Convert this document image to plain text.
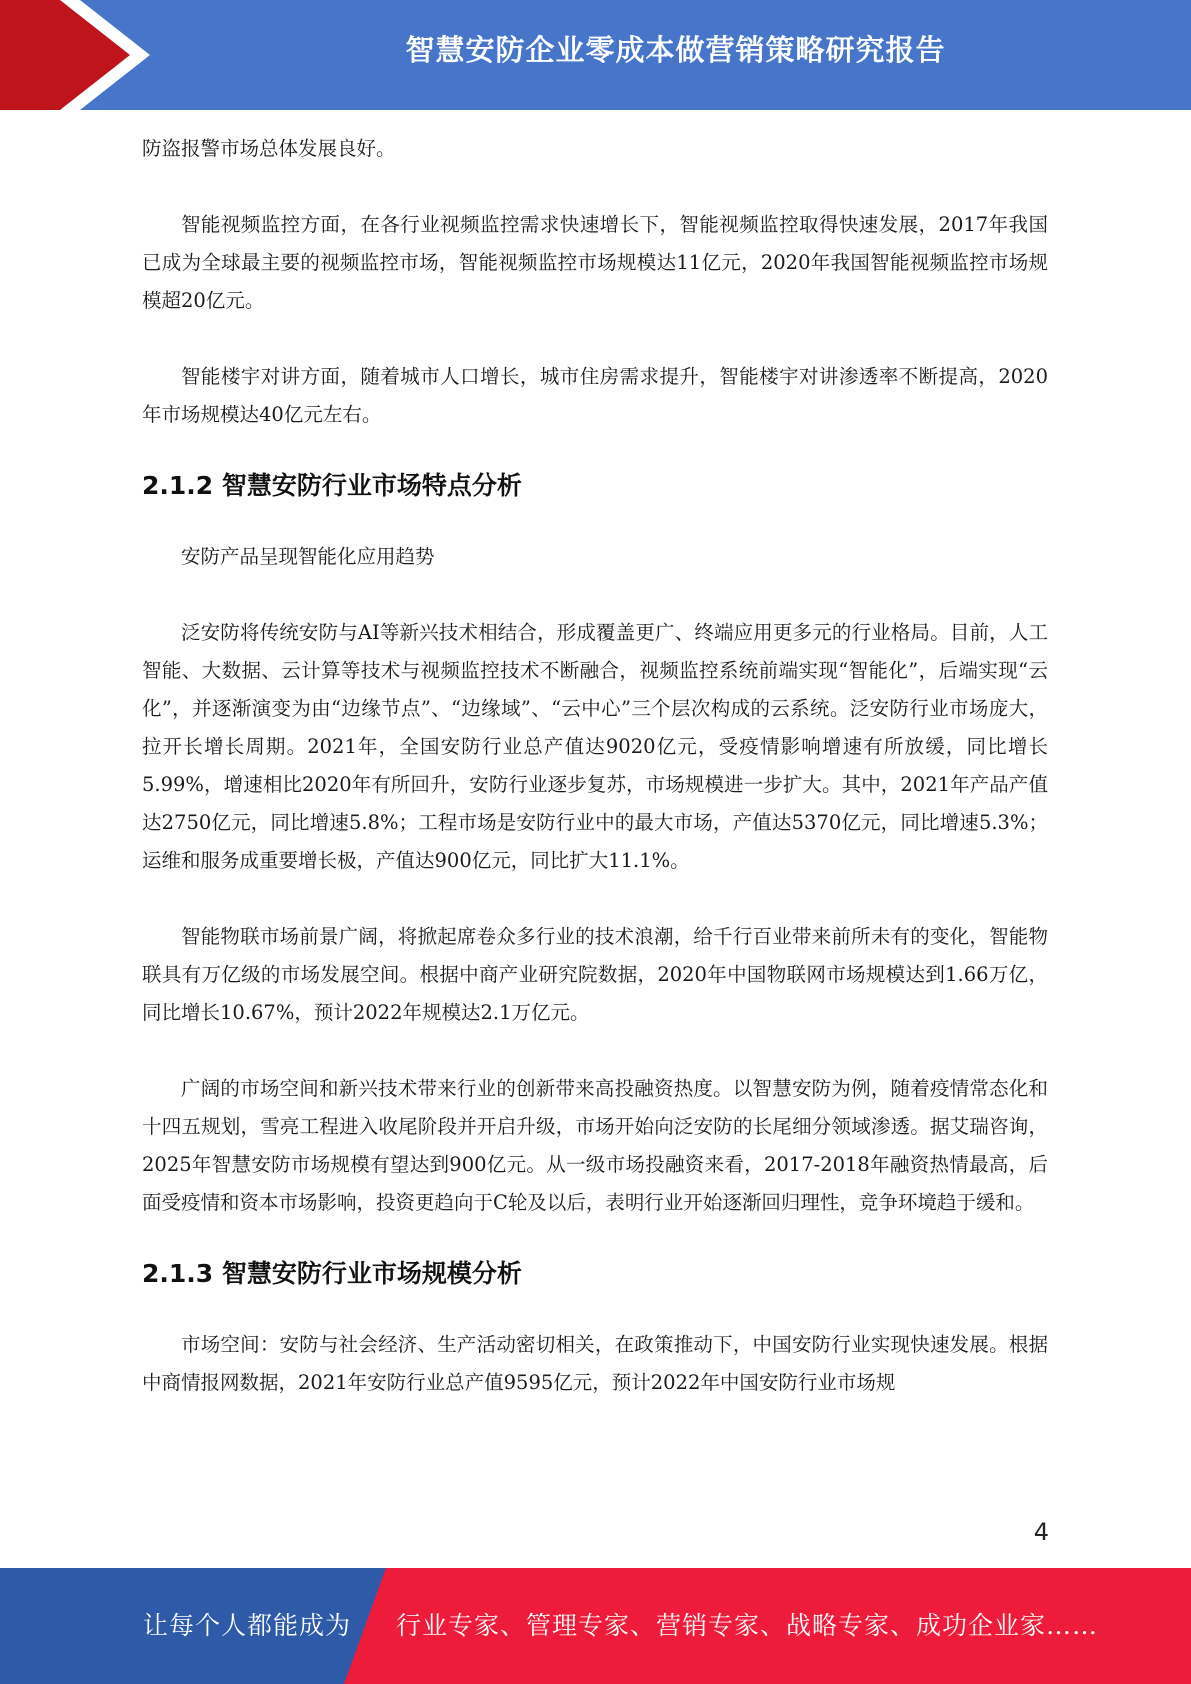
智慧安防企业零成本做营销策略研究报告

防盗报警市场总体发展良好。

智能视频监控方面，在各行业视频监控需求快速增长下，智能视频监控取得快速发展，2017年我国已成为全球最主要的视频监控市场，智能视频监控市场规模达11亿元，2020年我国智能视频监控市场规模超20亿元。

智能楼宇对讲方面，随着城市人口增长，城市住房需求提升，智能楼宇对讲渗透率不断提高，2020年市场规模达40亿元左右。

2.1.2 智慧安防行业市场特点分析

安防产品呈现智能化应用趋势

泛安防将传统安防与AI等新兴技术相结合，形成覆盖更广、终端应用更多元的行业格局。目前，人工智能、大数据、云计算等技术与视频监控技术不断融合，视频监控系统前端实现“智能化”，后端实现“云化”，并逐渐演变为由“边缘节点”、“边缘域”、“云中心”三个层次构成的云系统。泛安防行业市场庞大，拉开长增长周期。2021年，全国安防行业总产值达9020亿元，受疫情影响增速有所放缓，同比增长5.99%，增速相比2020年有所回升，安防行业逐步复苏，市场规模进一步扩大。其中，2021年产品产值达2750亿元，同比增速5.8%；工程市场是安防行业中的最大市场，产值达5370亿元，同比增速5.3%；运维和服务成重要增长极，产值达900亿元，同比扩大11.1%。

智能物联市场前景广阔，将掀起席卷众多行业的技术浪潮，给千行百业带来前所未有的变化，智能物联具有万亿级的市场发展空间。根据中商产业研究院数据，2020年中国物联网市场规模达到1.66万亿，同比增长10.67%，预计2022年规模达2.1万亿元。

广阔的市场空间和新兴技术带来行业的创新带来高投融资热度。以智慧安防为例，随着疫情常态化和十四五规划，雪亮工程进入收尾阶段并开启升级，市场开始向泛安防的长尾细分领域渗透。据艾瑞咨询，2025年智慧安防市场规模有望达到900亿元。从一级市场投融资来看，2017-2018年融资热情最高，后面受疫情和资本市场影响，投资更趋向于C轮及以后，表明行业开始逐渐回归理性，竞争环境趋于缓和。

2.1.3 智慧安防行业市场规模分析

市场空间：安防与社会经济、生产活动密切相关，在政策推动下，中国安防行业实现快速发展。根据中商情报网数据，2021年安防行业总产值9595亿元，预计2022年中国安防行业市场规

4
让每个人都能成为 行业专家、管理专家、营销专家、战略专家、成功企业家……
